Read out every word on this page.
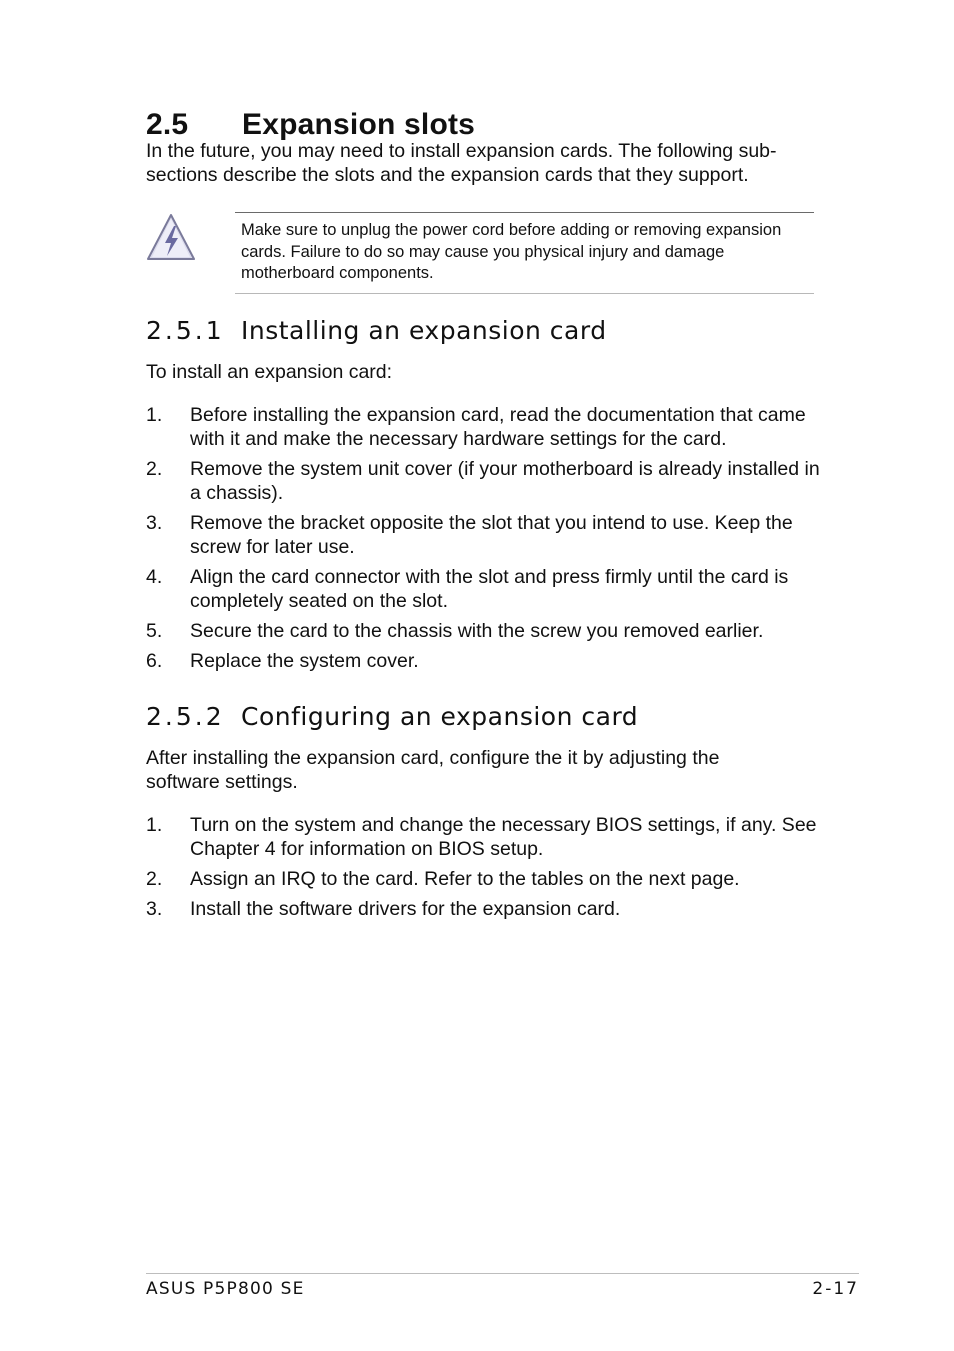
2.5 Expansion slots
In the future, you may need to install expansion cards. The following sub-sections describe the slots and the expansion cards that they support.
Make sure to unplug the power cord before adding or removing expansion cards. Failure to do so may cause you physical injury and damage motherboard components.
2.5.1 Installing an expansion card
To install an expansion card:
1.	Before installing the expansion card, read the documentation that came with it and make the necessary hardware settings for the card.
2.	Remove the system unit cover (if your motherboard is already installed in a chassis).
3.	Remove the bracket opposite the slot that you intend to use. Keep the screw for later use.
4.	Align the card connector with the slot and press firmly until the card is completely seated on the slot.
5.	Secure the card to the chassis with the screw you removed earlier.
6.	Replace the system cover.
2.5.2 Configuring an expansion card
After installing the expansion card, configure the it by adjusting the software settings.
1.	Turn on the system and change the necessary BIOS settings, if any. See Chapter 4 for information on BIOS setup.
2.	Assign an IRQ to the card. Refer to the tables on the next page.
3.	Install the software drivers for the expansion card.
ASUS P5P800 SE	2-17
